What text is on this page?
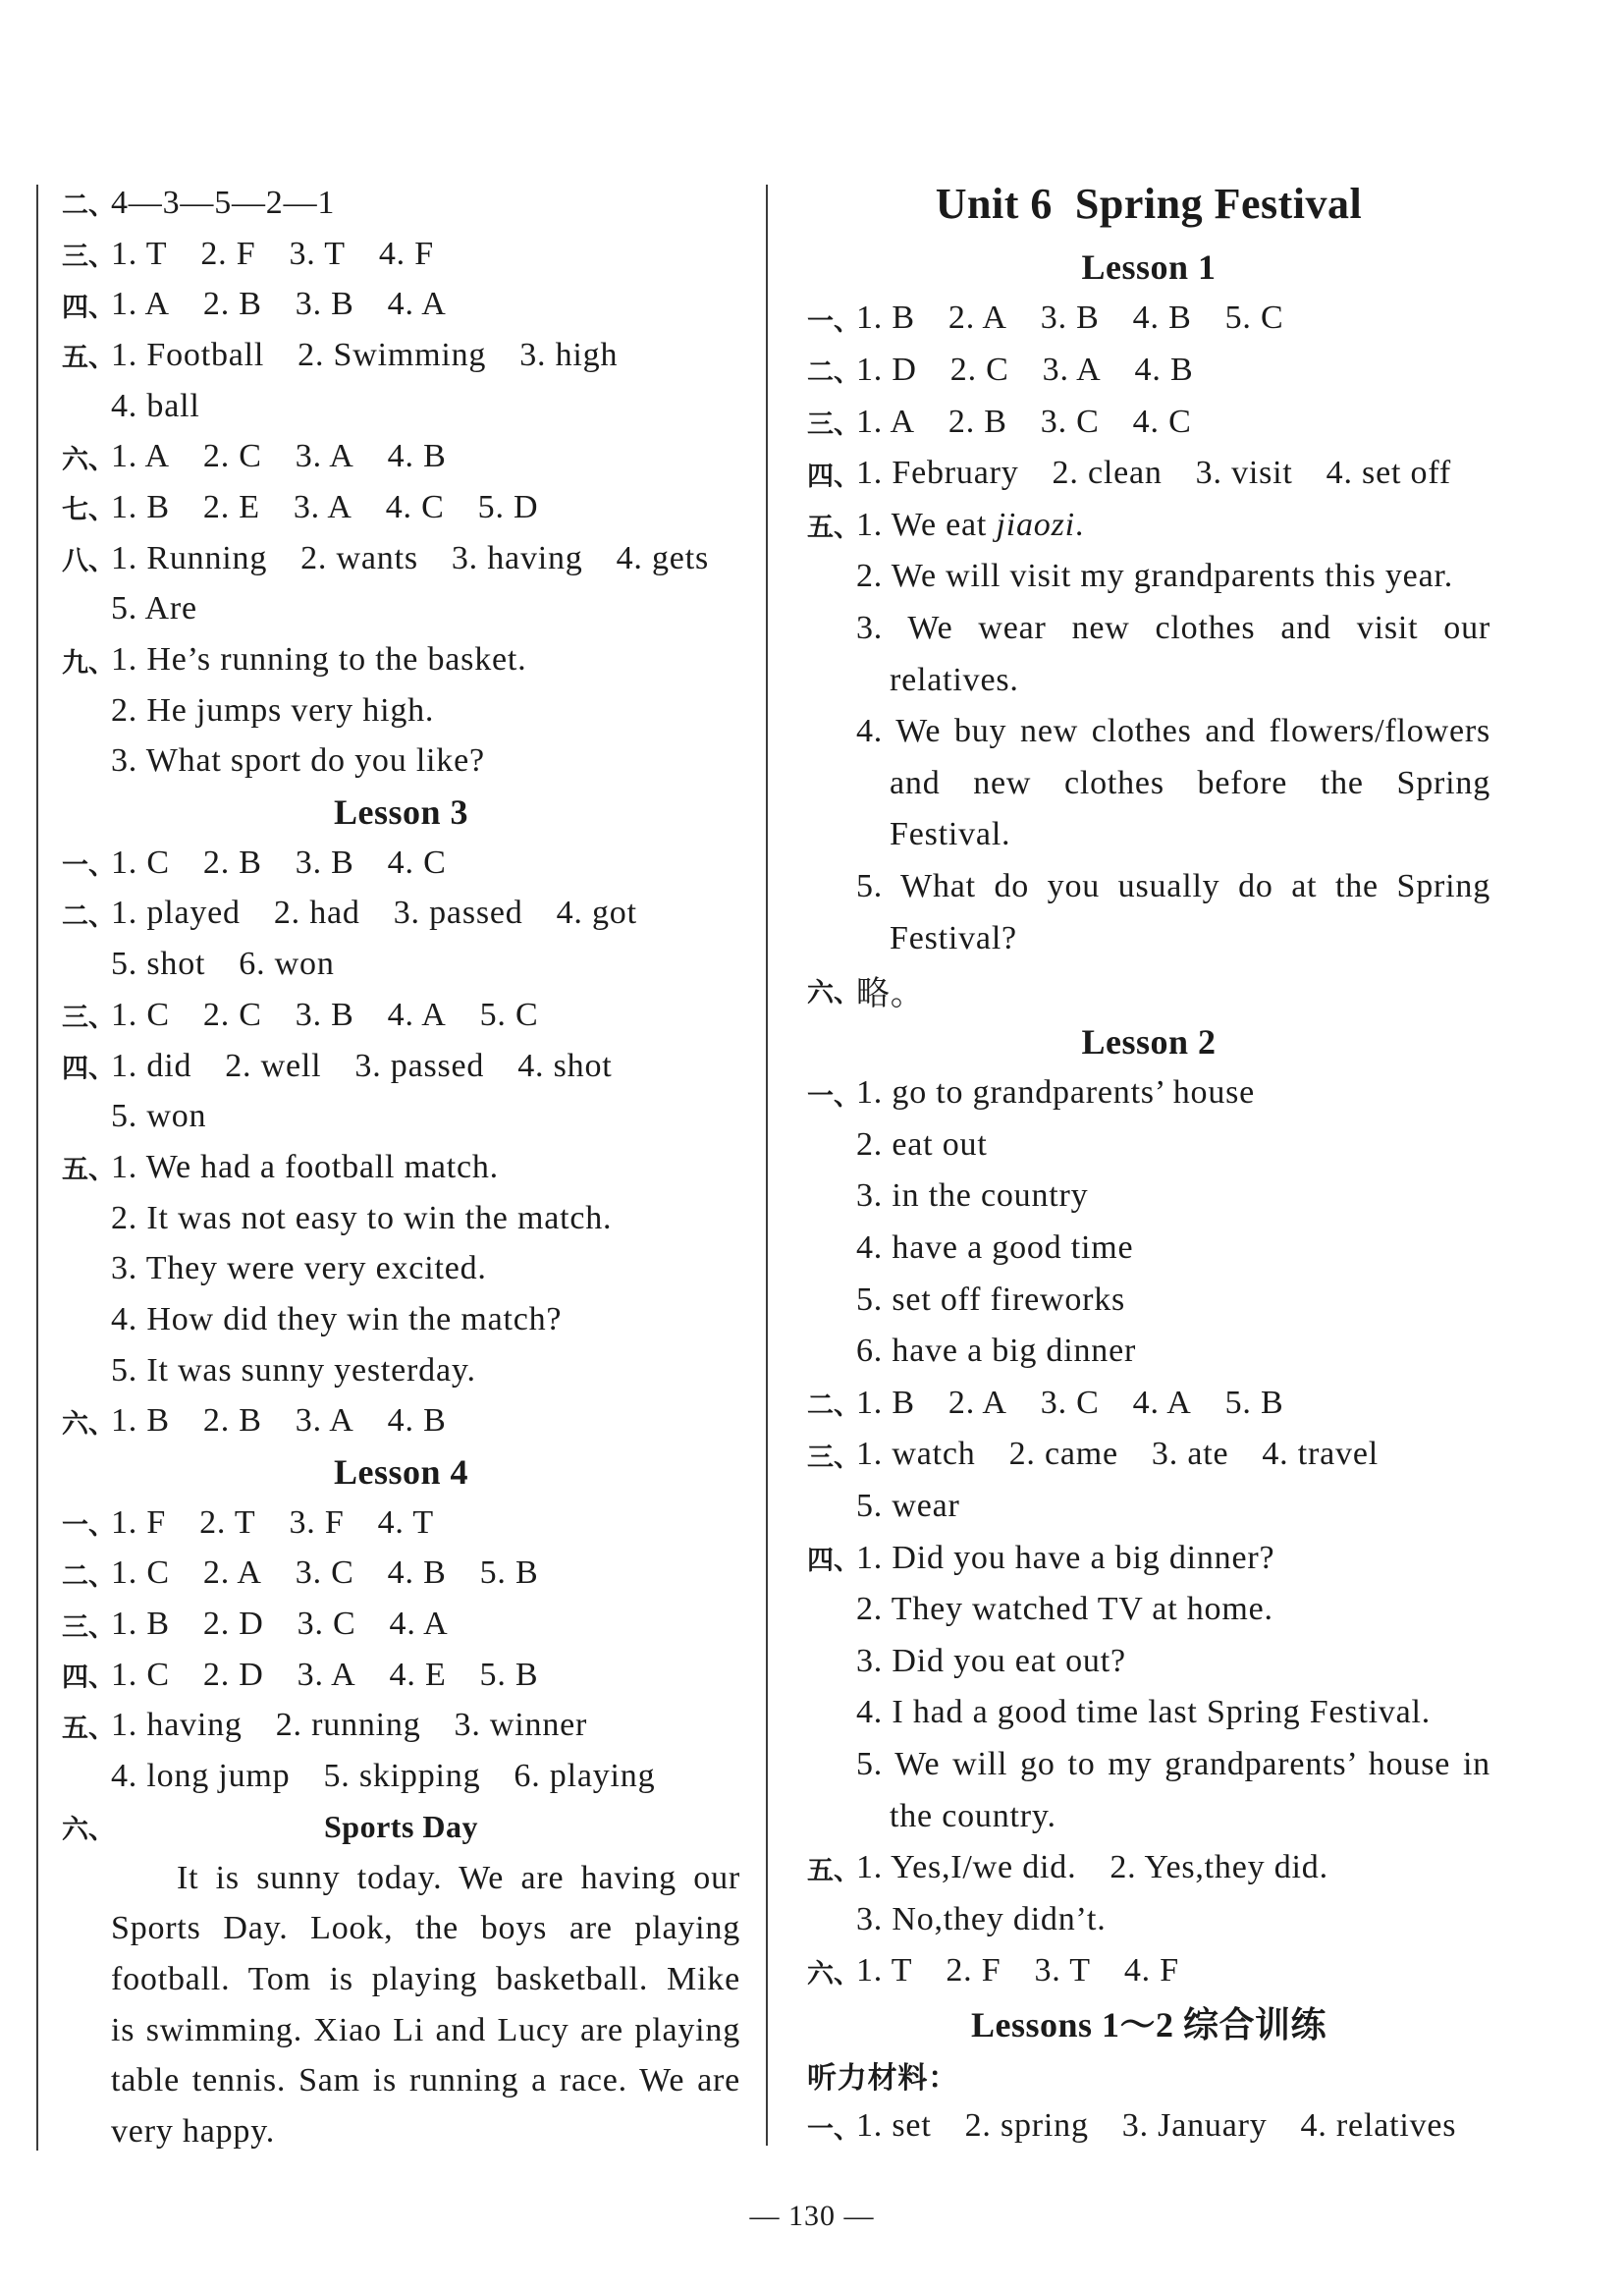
二、
4—3—5—2—1
三、
1. T 2. F 3. T 4. F
四、
1. A 2. B 3. B 4. A
五、
1. Football 2. Swimming 3. high
4. ball
六、
1. A 2. C 3. A 4. B
七、
1. B 2. E 3. A 4. C 5. D
八、
1. Running 2. wants 3. having 4. gets
5. Are
九、
1. He’s running to the basket.
2. He jumps very high.
3. What sport do you like?
Lesson 3
一、
1. C 2. B 3. B 4. C
二、
1. played 2. had 3. passed 4. got
5. shot 6. won
三、
1. C 2. C 3. B 4. A 5. C
四、
1. did 2. well 3. passed 4. shot
5. won
五、
1. We had a football match.
2. It was not easy to win the match.
3. They were very excited.
4. How did they win the match?
5. It was sunny yesterday.
六、
1. B 2. B 3. A 4. B
Lesson 4
一、
1. F 2. T 3. F 4. T
二、
1. C 2. A 3. C 4. B 5. B
三、
1. B 2. D 3. C 4. A
四、
1. C 2. D 3. A 4. E 5. B
五、
1. having 2. running 3. winner
4. long jump 5. skipping 6. playing
六、	Sports Day
It is sunny today. We are having our
Sports Day. Look, the boys are playing
football. Tom is playing basketball. Mike
is swimming. Xiao Li and Lucy are playing
table tennis. Sam is running a race. We are
very happy.
Unit 6  Spring Festival
Lesson 1
一、
1. B 2. A 3. B 4. B 5. C
二、
1. D 2. C 3. A 4. B
三、
1. A 2. B 3. C 4. C
四、
1. February 2. clean 3. visit 4. set off
五、
1. We eat jiaozi.
2. We will visit my grandparents this year.
3. We wear new clothes and visit our
relatives.
4. We buy new clothes and flowers/flowers
and new clothes before the Spring
Festival.
5. What do you usually do at the Spring
Festival?
六、
略。
Lesson 2
一、
1. go to grandparents’ house
2. eat out
3. in the country
4. have a good time
5. set off fireworks
6. have a big dinner
二、
1. B 2. A 3. C 4. A 5. B
三、
1. watch 2. came 3. ate 4. travel
5. wear
四、
1. Did you have a big dinner?
2. They watched TV at home.
3. Did you eat out?
4. I had a good time last Spring Festival.
5. We will go to my grandparents’ house in
the country.
五、
1. Yes,I/we did. 2. Yes,they did.
3. No,they didn’t.
六、
1. T 2. F 3. T 4. F
Lessons 1～2 综合训练
听力材料：
一、
1. set 2. spring 3. January 4. relatives
— 130 —
